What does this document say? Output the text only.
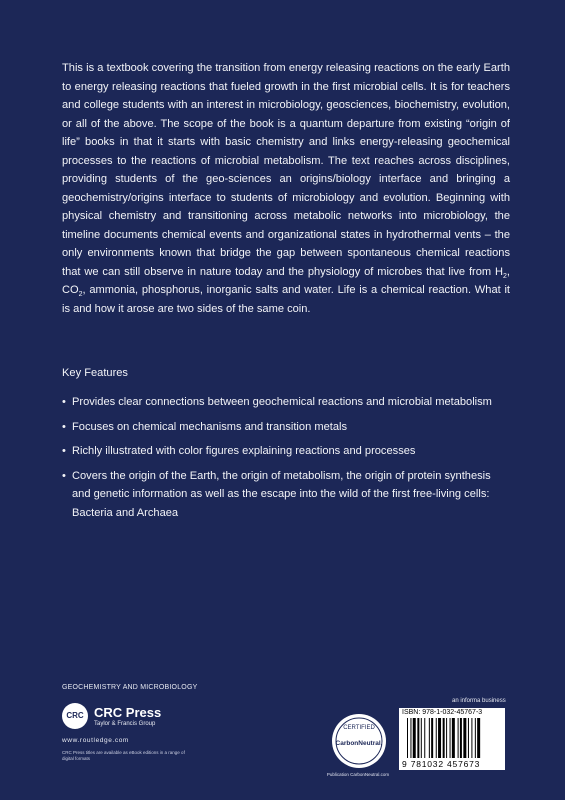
This is a textbook covering the transition from energy releasing reactions on the early Earth to energy releasing reactions that fueled growth in the first microbial cells. It is for teachers and college students with an interest in microbiology, geosciences, biochemistry, evolution, or all of the above. The scope of the book is a quantum departure from existing “origin of life” books in that it starts with basic chemistry and links energy-releasing geochemical processes to the reactions of microbial metabolism. The text reaches across disciplines, providing students of the geo-sciences an origins/biology interface and bringing a geochemistry/origins interface to students of microbiology and evolution. Beginning with physical chemistry and transitioning across metabolic networks into microbiology, the timeline documents chemical events and organizational states in hydrothermal vents – the only environments known that bridge the gap between spontaneous chemical reactions that we can still observe in nature today and the physiology of microbes that live from $H_2$, $CO_2$, ammonia, phosphorus, inorganic salts and water. Life is a chemical reaction. What it is and how it arose are two sides of the same coin.
Key Features
• Provides clear connections between geochemical reactions and microbial metabolism
• Focuses on chemical mechanisms and transition metals
• Richly illustrated with color figures explaining reactions and processes
• Covers the origin of the Earth, the origin of metabolism, the origin of protein synthesis and genetic information as well as the escape into the wild of the first free-living cells: Bacteria and Archaea
GEOCHEMISTRY AND MICROBIOLOGY
CRC CRC Press
Taylor & Francis Group
www.routledge.com
CRC Press titles are available as eBook editions in a range of digital formats
CERTIFIED
CarbonNeutral.
Publication CarbonNeutral.com
an informa business
ISBN: 978-1-032-45767-3
9 781032 457673
